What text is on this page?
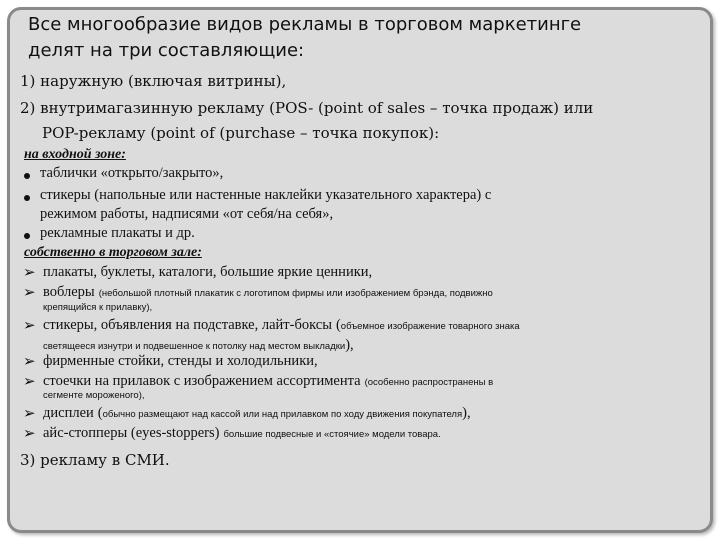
Все многообразие видов рекламы в торговом маркетинге
делят на три составляющие:
1) наружную (включая витрины),
2) внутримагазинную рекламу (POS- (point of sales – точка продаж) или
POP-рекламу (point of (purchase – точка покупок):
на входной зоне:
таблички «открыто/закрыто»,
стикеры (напольные или настенные наклейки указательного характера) с
режимом работы, надписями «от себя/на себя»,
рекламные плакаты и др.
собственно в торговом зале:
➢ плакаты, буклеты, каталоги, большие яркие ценники,
➢ воблеры (небольшой плотный плакатик с логотипом фирмы или изображением брэнда, подвижно
крепящийся к прилавку),
➢ стикеры, объявления на подставке, лайт-боксы (объемное изображение товарного знака
светящееся изнутри и подвешенное к потолку над местом выкладки),
➢ фирменные стойки, стенды и холодильники,
➢ стоечки на прилавок с изображением ассортимента (особенно распространены в
сегменте мороженого),
➢ дисплеи (обычно размещают над кассой или над прилавком по ходу движения покупателя),
➢ айс-стопперы (eyes-stoppers) большие подвесные и «стоячие» модели товара.
3) рекламу в СМИ.
